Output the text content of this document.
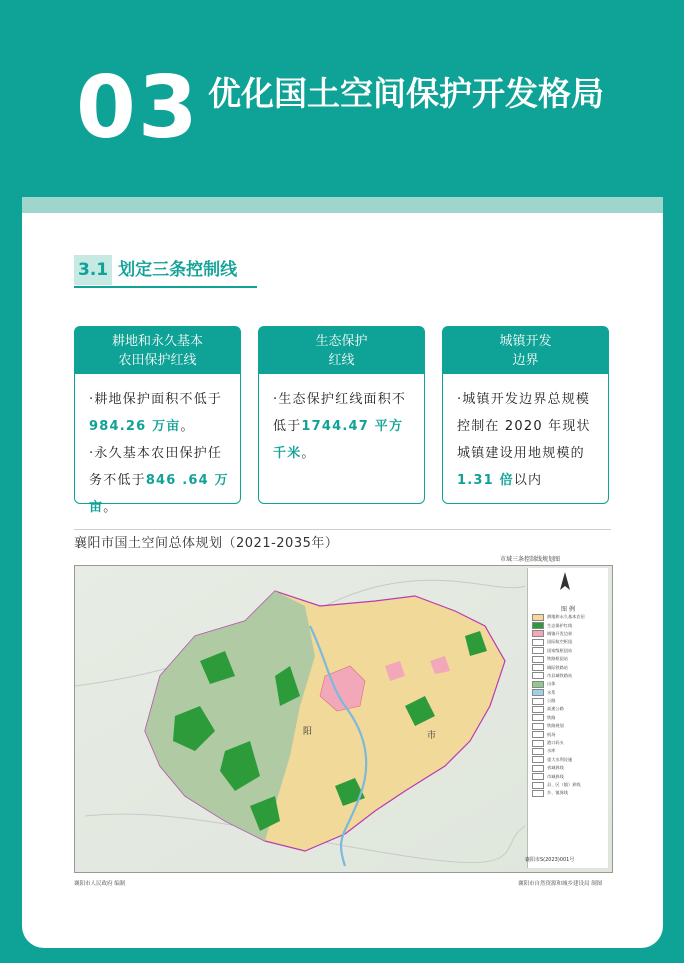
03 优化国土空间保护开发格局
3.1 划定三条控制线
耕地和永久基本
农田保护红线
·耕地保护面积不低于984.26 万亩。
·永久基本农田保护任务不低于846 .64 万亩。
生态保护
红线
·生态保护红线面积不低于1744.47 平方千米。
城镇开发
边界
·城镇开发边界总规模控制在 2020 年现状城镇建设用地规模的1.31 倍以内
襄阳市国土空间总体规划（2021-2035年）
市域三条控制线规划图
阳	市
图 例
耕地和永久基本农田
生态保护红线
城镇开发边界
国际航空枢纽
国家级枢纽站
铁路枢纽站
城际铁路站
市县域铁路站
山体
水系
公路
高速公路
铁路
铁路规划
机场
港口码头
水库
重大水利设施
省域界线
市域界线
县、区（镇）界线
乡、镇界线
襄阳市S(2023)001号
襄阳市人民政府 编制	襄阳市自然资源和城乡建设局 制图
